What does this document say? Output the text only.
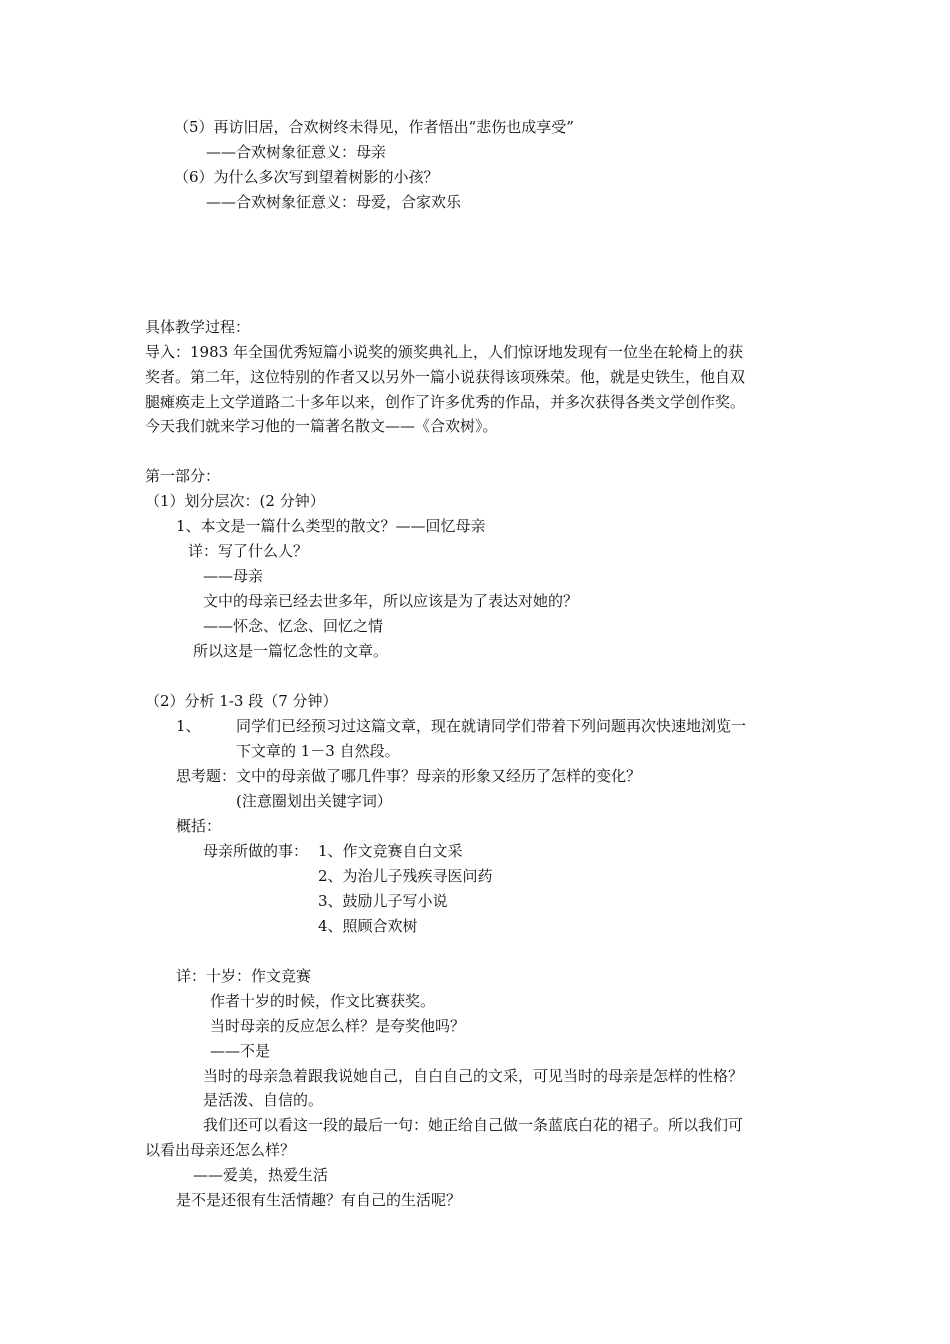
（5）再访旧居，合欢树终未得见，作者悟出“悲伤也成享受”
——合欢树象征意义：母亲
（6）为什么多次写到望着树影的小孩？
——合欢树象征意义：母爱，合家欢乐
具体教学过程：
导入：1983 年全国优秀短篇小说奖的颁奖典礼上，人们惊讶地发现有一位坐在轮椅上的获
奖者。第二年，这位特别的作者又以另外一篇小说获得该项殊荣。他，就是史铁生，他自双
腿瘫痪走上文学道路二十多年以来，创作了许多优秀的作品，并多次获得各类文学创作奖。
今天我们就来学习他的一篇著名散文——《合欢树》。
第一部分：
（1）划分层次：(2 分钟）
1、本文是一篇什么类型的散文？——回忆母亲
详：写了什么人？
——母亲
文中的母亲已经去世多年，所以应该是为了表达对她的？
——怀念、忆念、回忆之情
所以这是一篇忆念性的文章。
（2）分析 1-3 段（7 分钟）
1、 同学们已经预习过这篇文章，现在就请同学们带着下列问题再次快速地浏览一
下文章的 1－3 自然段。
思考题：文中的母亲做了哪几件事？母亲的形象又经历了怎样的变化？
(注意圈划出关键字词）
概括：
母亲所做的事： 1、作文竞赛自白文采
2、为治儿子残疾寻医问药
3、鼓励儿子写小说
4、照顾合欢树
详：十岁：作文竞赛
作者十岁的时候，作文比赛获奖。
当时母亲的反应怎么样？是夸奖他吗？
——不是
当时的母亲急着跟我说她自己，自白自己的文采，可见当时的母亲是怎样的性格？
是活泼、自信的。
我们还可以看这一段的最后一句：她正给自己做一条蓝底白花的裙子。所以我们可
以看出母亲还怎么样？
——爱美，热爱生活
是不是还很有生活情趣？有自己的生活呢？
